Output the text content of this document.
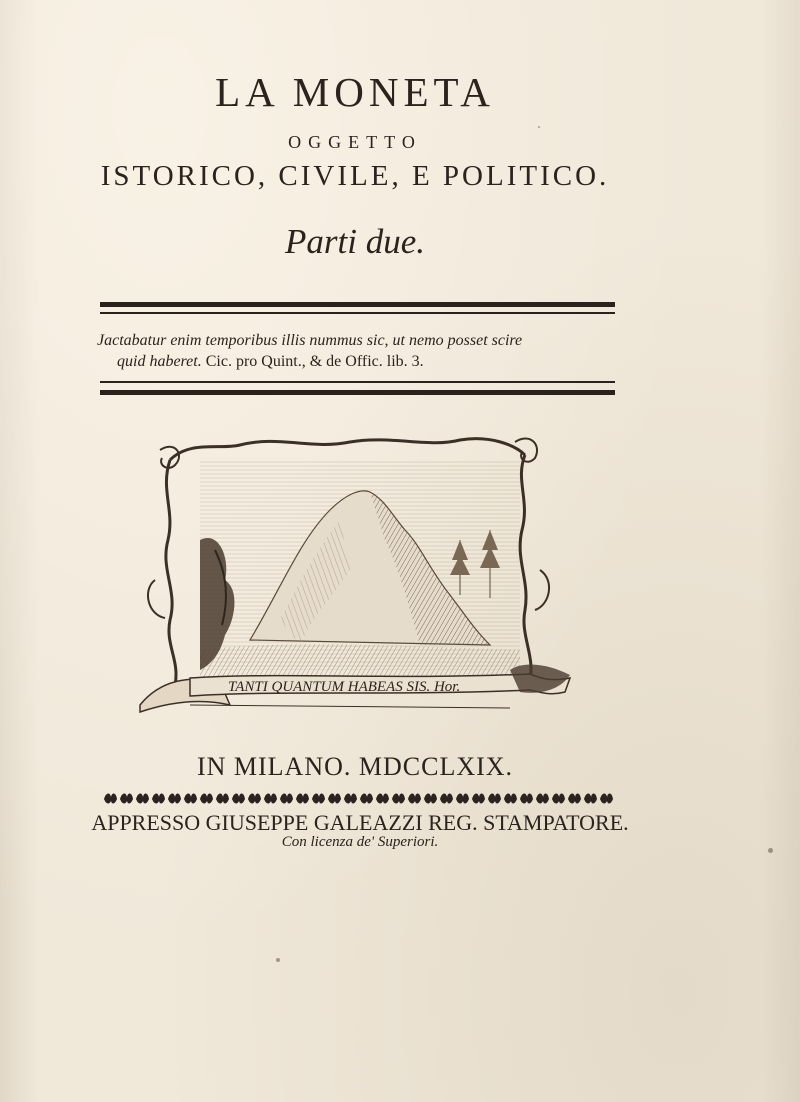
LA MONETA
OGGETTO
ISTORICO, CIVILE, E POLITICO.
Parti due.
Jactabatur enim temporibus illis nummus sic, ut nemo posset scire
quid haberet. Cic. pro Quint., & de Offic. lib. 3.
TANTI QUANTUM HABEAS SIS. Hor.
IN MILANO. MDCCLXIX.
APPRESSO GIUSEPPE GALEAZZI REG. STAMPATORE.
Con licenza de' Superiori.
